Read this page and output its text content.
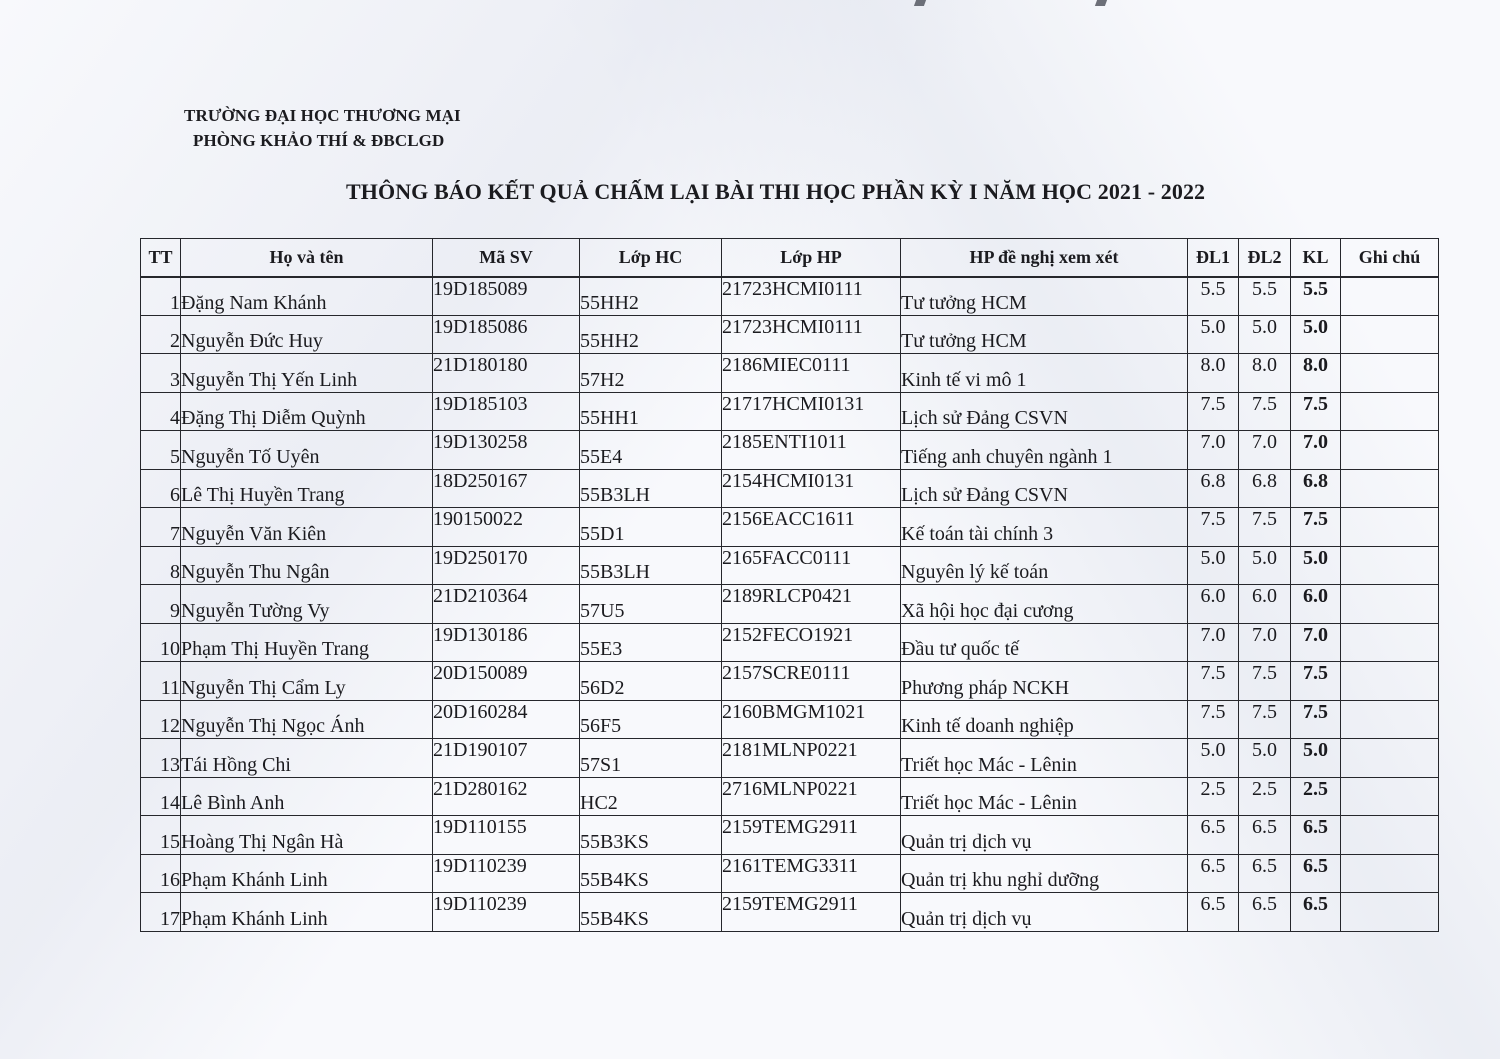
TRƯỜNG ĐẠI HỌC THƯƠNG MẠI
PHÒNG KHẢO THÍ & ĐBCLGD
THÔNG BÁO KẾT QUẢ CHẤM LẠI BÀI THI HỌC PHẦN KỲ I NĂM HỌC 2021 - 2022
TT	Họ và tên	Mã SV	Lớp HC	Lớp HP	HP đề nghị xem xét	ĐL1	ĐL2	KL	Ghi chú
1	Đặng Nam Khánh	19D185089	55HH2	21723HCMI0111	Tư tưởng HCM	5.5	5.5	5.5	
2	Nguyễn Đức Huy	19D185086	55HH2	21723HCMI0111	Tư tưởng HCM	5.0	5.0	5.0	
3	Nguyễn Thị Yến Linh	21D180180	57H2	2186MIEC0111	Kinh tế vi mô 1	8.0	8.0	8.0	
4	Đặng Thị Diễm Quỳnh	19D185103	55HH1	21717HCMI0131	Lịch sử Đảng CSVN	7.5	7.5	7.5	
5	Nguyễn Tố Uyên	19D130258	55E4	2185ENTI1011	Tiếng anh chuyên ngành 1	7.0	7.0	7.0	
6	Lê Thị Huyền Trang	18D250167	55B3LH	2154HCMI0131	Lịch sử Đảng CSVN	6.8	6.8	6.8	
7	Nguyễn Văn Kiên	190150022	55D1	2156EACC1611	Kế toán tài chính 3	7.5	7.5	7.5	
8	Nguyễn Thu Ngân	19D250170	55B3LH	2165FACC0111	Nguyên lý kế toán	5.0	5.0	5.0	
9	Nguyễn Tường Vy	21D210364	57U5	2189RLCP0421	Xã hội học đại cương	6.0	6.0	6.0	
10	Phạm Thị Huyền Trang	19D130186	55E3	2152FECO1921	Đầu tư quốc tế	7.0	7.0	7.0	
11	Nguyễn Thị Cẩm Ly	20D150089	56D2	2157SCRE0111	Phương pháp NCKH	7.5	7.5	7.5	
12	Nguyễn Thị Ngọc Ánh	20D160284	56F5	2160BMGM1021	Kinh tế doanh nghiệp	7.5	7.5	7.5	
13	Tái Hồng Chi	21D190107	57S1	2181MLNP0221	Triết học Mác - Lênin	5.0	5.0	5.0	
14	Lê Bình Anh	21D280162	HC2	2716MLNP0221	Triết học Mác - Lênin	2.5	2.5	2.5	
15	Hoàng Thị Ngân Hà	19D110155	55B3KS	2159TEMG2911	Quản trị dịch vụ	6.5	6.5	6.5	
16	Phạm Khánh Linh	19D110239	55B4KS	2161TEMG3311	Quản trị khu nghỉ dưỡng	6.5	6.5	6.5	
17	Phạm Khánh Linh	19D110239	55B4KS	2159TEMG2911	Quản trị dịch vụ	6.5	6.5	6.5	
